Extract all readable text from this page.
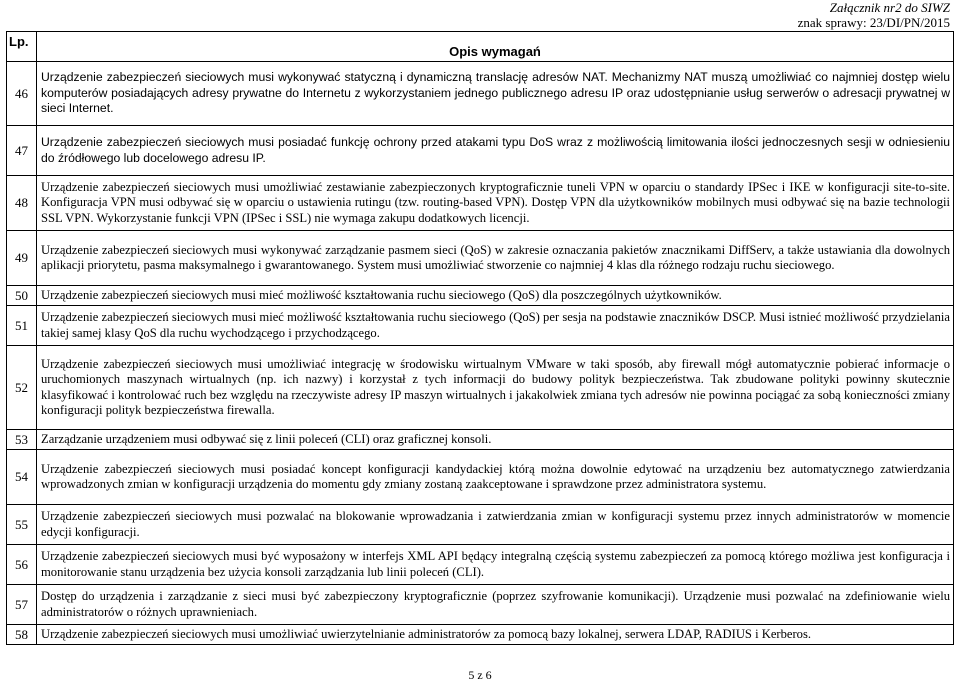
Załącznik nr2 do SIWZ
znak sprawy: 23/DI/PN/2015
Lp.	Opis wymagań
46	Urządzenie zabezpieczeń sieciowych musi wykonywać statyczną i dynamiczną translację adresów NAT. Mechanizmy NAT muszą umożliwiać co najmniej dostęp wielu komputerów posiadających adresy prywatne do Internetu z wykorzystaniem jednego publicznego adresu IP oraz udostępnianie usług serwerów o adresacji prywatnej w sieci Internet.
47	Urządzenie zabezpieczeń sieciowych musi posiadać funkcję ochrony przed atakami typu DoS wraz z możliwością limitowania ilości jednoczesnych sesji w odniesieniu do źródłowego lub docelowego adresu IP.
48	Urządzenie zabezpieczeń sieciowych musi umożliwiać zestawianie zabezpieczonych kryptograficznie tuneli VPN w oparciu o standardy IPSec i IKE w konfiguracji site-to-site. Konfiguracja VPN musi odbywać się w oparciu o ustawienia rutingu (tzw. routing-based VPN). Dostęp VPN dla użytkowników mobilnych musi odbywać się na bazie technologii SSL VPN. Wykorzystanie funkcji VPN (IPSec i SSL) nie wymaga zakupu dodatkowych licencji.
49	Urządzenie zabezpieczeń sieciowych musi wykonywać zarządzanie pasmem sieci (QoS) w zakresie oznaczania pakietów znacznikami DiffServ, a także ustawiania dla dowolnych aplikacji priorytetu, pasma maksymalnego i gwarantowanego. System musi umożliwiać stworzenie co najmniej 4 klas dla różnego rodzaju ruchu sieciowego.
50	Urządzenie zabezpieczeń sieciowych musi mieć możliwość kształtowania ruchu sieciowego (QoS) dla poszczególnych użytkowników.
51	Urządzenie zabezpieczeń sieciowych musi mieć możliwość kształtowania ruchu sieciowego (QoS) per sesja na podstawie znaczników DSCP. Musi istnieć możliwość przydzielania takiej samej klasy QoS dla ruchu wychodzącego i przychodzącego.
52	Urządzenie zabezpieczeń sieciowych musi umożliwiać integrację w środowisku wirtualnym VMware w taki sposób, aby firewall mógł automatycznie pobierać informacje o uruchomionych maszynach wirtualnych (np. ich nazwy) i korzystał z tych informacji do budowy polityk bezpieczeństwa. Tak zbudowane polityki powinny skutecznie klasyfikować i kontrolować ruch bez względu na rzeczywiste adresy IP maszyn wirtualnych i jakakolwiek zmiana tych adresów nie powinna pociągać za sobą konieczności zmiany konfiguracji polityk bezpieczeństwa firewalla.
53	Zarządzanie urządzeniem musi odbywać się z linii poleceń (CLI) oraz graficznej konsoli.
54	Urządzenie zabezpieczeń sieciowych musi posiadać koncept konfiguracji kandydackiej którą można dowolnie edytować na urządzeniu bez automatycznego zatwierdzania wprowadzonych zmian w konfiguracji urządzenia do momentu gdy zmiany zostaną zaakceptowane i sprawdzone przez administratora systemu.
55	Urządzenie zabezpieczeń sieciowych musi pozwalać na blokowanie wprowadzania i zatwierdzania zmian w konfiguracji systemu przez innych administratorów w momencie edycji konfiguracji.
56	Urządzenie zabezpieczeń sieciowych musi być wyposażony w interfejs XML API będący integralną częścią systemu zabezpieczeń za pomocą którego możliwa jest konfiguracja i monitorowanie stanu urządzenia bez użycia konsoli zarządzania lub linii poleceń (CLI).
57	Dostęp do urządzenia i zarządzanie z sieci musi być zabezpieczony kryptograficznie (poprzez szyfrowanie komunikacji). Urządzenie musi pozwalać na zdefiniowanie wielu administratorów o różnych uprawnieniach.
58	Urządzenie zabezpieczeń sieciowych musi umożliwiać uwierzytelnianie administratorów za pomocą bazy lokalnej, serwera LDAP, RADIUS i Kerberos.
5 z 6
